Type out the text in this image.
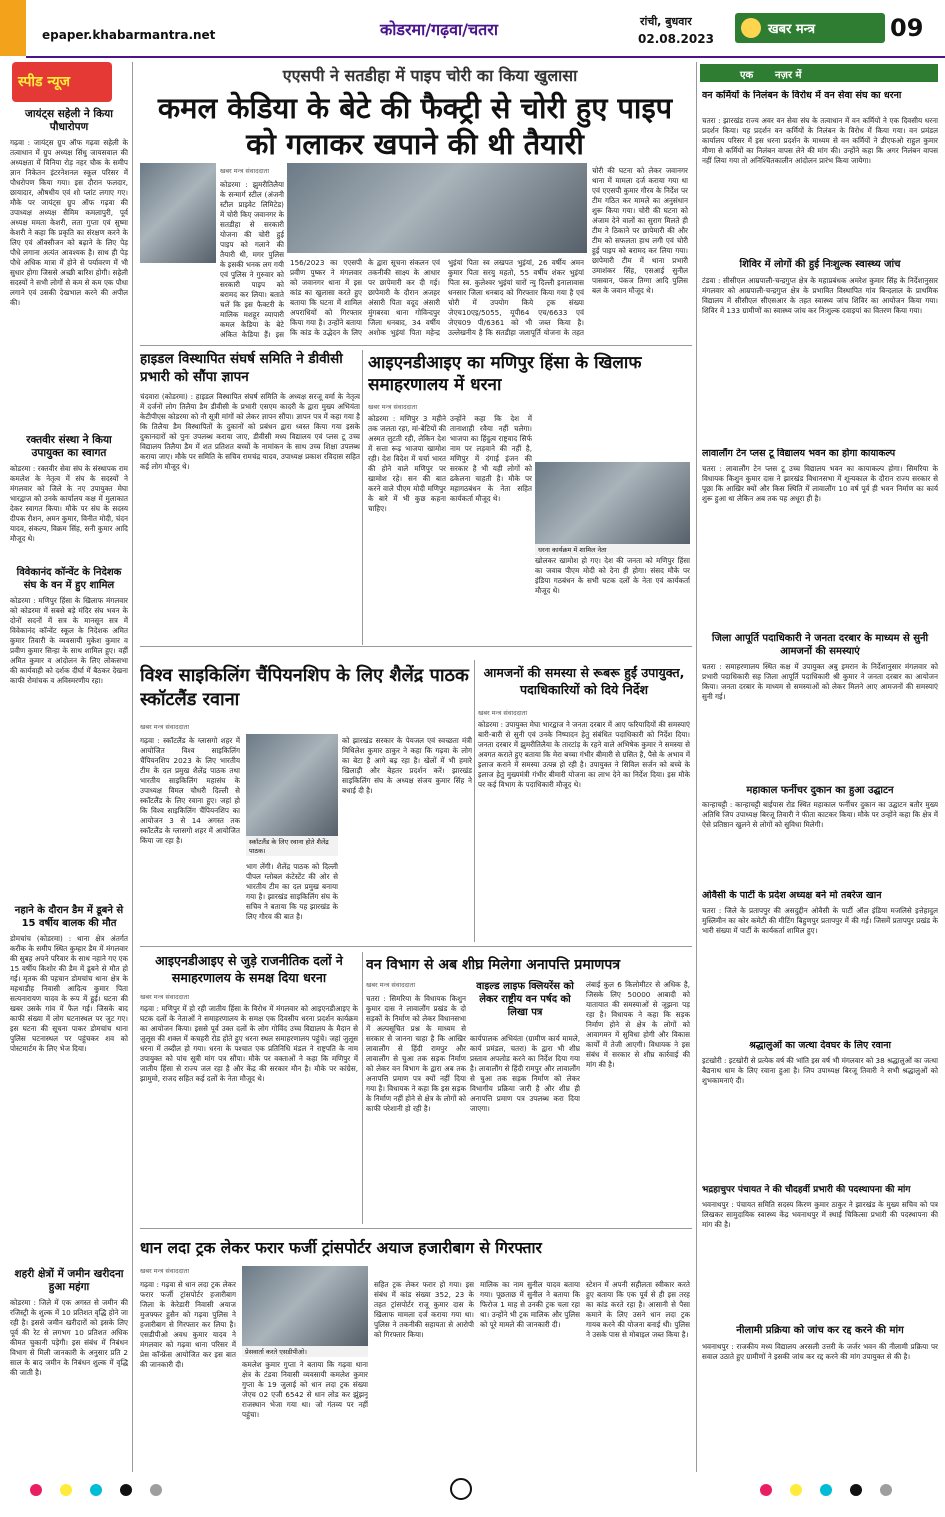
epaper.khabarmantra.net	कोडरमा/गढ़वा/चतरा	रांची, बुधवार
02.08.2023
खबर मन्त्र	09
स्पीड न्यूज
जायंट्स सहेली ने किया पौधारोपण
गढ़वा : जायंट्स ग्रुप ऑफ गढ़वा सहेली के तत्वाधान में ग्रुप अध्यक्ष सिंधु जायसवाल की अध्यक्षता में विनिया रोड़ नहर चौक के समीप ज्ञान निकेतन इंटरनेशनल स्कूल परिसर में पौधरोपण किया गया। इस दौरान फलदार, छायादार, औषधीय एवं शो प्लांट लगाए गए। मौके पर जायंट्स ग्रुप ऑफ गढ़वा की उपाध्यक्ष अध्यक्ष सैमिम कमलापुरी, पूर्व अध्यक्ष ममता केशरी, लता गुप्ता एवं सुष्मा केशरी ने कहा कि प्रकृति का संरक्षण करने के लिए एवं ऑक्सीजन को बढ़ाने के लिए पेड़ पौधे लगाना अत्यंत आवश्यक है। साथ ही पेड़ पौधे अधिक मात्रा में होने से पर्यावरण में भी सुधार होगा जिससे अच्छी बारिश होगी। सहेली सदस्यों ने सभी लोगों से कम से कम एक पौधा लगाने एवं उसकी देखभाल करने की अपील की।
रक्तवीर संस्था ने किया उपायुक्त का स्वागत
कोडरमा : रक्तवीर सेवा संघ के संस्थापक राम कमलेश के नेतृत्व में संघ के सदस्यों ने मंगलवार को जिले के नए उपायुक्त मेघा भारद्वाज को उनके कार्यालय कक्ष में मुलाकात देकर स्वागत किया। मौके पर संघ के सदस्य दीपक रौशन, अमन कुमार, विनीत मोदी, चंदन यादव, संकल्प, विक्रम सिंह, सनी कुमार आदि मौजूद थे।
विवेकानंद कॉन्वेंट के निदेशक संघ के वन में हुए शामिल
कोडरमा : मणिपुर हिंसा के खिलाफ मंगलवार को कोडरमा में सबसे बड़े मंदिर संघ भवन के दोनों सदनों में सत्र के मानसून सत्र में विवेकानंद कॉन्वेंट स्कूल के निदेशक अमित कुमार तिवारी के व्यवसायी मुकेश कुमार व प्रवीण कुमार सिन्हा के साथ शामिल हुए। वहीं अमित कुमार व आंदोलन के लिए लोकसभा की कार्यवाही को दर्शक दीर्घा में बैठकर देखना काफी रोमांचक व अविस्मरणीय रहा।
नहाने के दौरान डैम में डूबने से 15 वर्षीय बालक की मौत
डोमचांच (कोडरमा) : थाना क्षेत्र अंतर्गत करौंक के समीप स्थित कुम्हार डैम में मंगलवार की सुबह अपने परिवार के साथ नहाने गए एक 15 वर्षीय किशोर की डैम में डूबने से मौत हो गई। मृतक की पहचान डोमचांच थाना क्षेत्र के महथाडीह निवासी आदित्य कुमार पिता सत्यनारायण यादव के रूप में हुई। घटना की खबर उसके गांव में फैल गई। जिसके बाद काफी संख्या में लोग घटनास्थल पर जुट गए। इस घटना की सूचना पाकर डोमचांच थाना पुलिस घटनास्थल पर पहुंचकर शव को पोस्टमार्टम के लिए भेज दिया।
शहरी क्षेत्रों में जमीन खरीदना हुआ महंगा
कोडरमा : जिले में एक अगस्त से जमीन की रजिस्ट्री के शुल्क में 10 प्रतिशत वृद्धि होने जा रही है। इससे जमीन खरीदारों को इसके लिए पूर्व की रेट से लगभग 10 प्रतिशत अधिक कीमत चुकानी पड़ेगी। इस संबंध में निबंधन विभाग से मिली जानकारी के अनुसार प्रति 2 साल के बाद जमीन के निबंधन शुल्क में वृद्धि की जाती है।
एएसपी ने सतडीहा में पाइप चोरी का किया खुलासा
कमल केडिया के बेटे की फैक्ट्री से चोरी हुए पाइप को गलाकर खपाने की थी तैयारी
खबर मन्त्र संवाददाता
कोडरमा : झुमरीतिलैया के सन्मार्ग स्टील (अंजनी स्टील प्राइवेट लिमिटेड) में चोरी किए जवानगर के सतडीहा से सरकारी योजना की चोरी हुई पाइप को गलाने की तैयारी थी, मगर पुलिस के इसकी भनक लग गयी एवं पुलिस ने गुरुवार को सरकारी पाइप को बरामद कर लिया। बताते चलें कि इस फैक्टरी के मालिक मशहूर व्यापारी कमल केडिया के बेटे अंकित केडिया हैं। इस
156/2023 का एएसपी प्रवीण पुष्कर ने मंगलवार को जवानगर थाना में इस कांड का खुलासा करते हुए बताया कि घटना में शामिल अपराधियों को गिरफ्तार किया गया है। उन्होंने बताया कि कांड के उद्भेदन के लिए
के द्वारा सूचना संकलन एवं तकनीकी साक्ष्य के आधार पर छापेमारी कर दी गई। छापेमारी के दौरान अजहर अंसारी पिता वदूद अंसारी मुंगबरवा थाना गोविन्दपुर जिला धनबाद, 34 वर्षीय अशोक भुइंयां पिता महेन्द्र
भुइंयां पिता स्व लखपत भुइंयां, 26 वर्षीय अमन कुमार पिता सरयु महतो, 55 वर्षीय शंकर भुइंयां पिता स्व. कुलेश्वर भुइंयां चारों न्यु दिल्ली इनालावास धनसार जिला धनबाद को गिरफ्तार किया गया है एवं चोरी में उपयोग किये ट्रक संख्या जेएच10एइ/5055, यूपी64 एच/6633 एवं जेएच09 पी/6361 को भी जब्त किया है। उल्लेखनीय है कि सतडीहा जलापूर्ति योजना के तहत
चोरी की घटना को लेकर जवानगर थाना में मामला दर्ज कराया गया था एवं एएसपी कुमार गौरव के निर्देश पर टीम गठित कर मामले का अनुसंधान शुरू किया गया। चोरी की घटना को अंजाम देने वालों का सुराग मिलते ही टीम ने ठिकाने पर छापेमारी की और टीम को सफलता हाथ लगी एवं चोरी हुई पाइप को बरामद कर लिया गया। छापेमारी टीम में थाना प्रभारी उमाशंकर सिंह, एसआई सुनील पासवान, पंकज तिग्गा आदि पुलिस बल के जवान मौजूद थे।
हाइडल विस्थापित संघर्ष समिति ने डीवीसी प्रभारी को सौंपा ज्ञापन
चंदवारा (कोडरमा) : हाइडल विस्थापित संघर्ष समिति के अध्यक्ष सरजू वर्मा के नेतृत्व में दर्जनों लोग तिलैया डैम डीवीसी के प्रभारी एसएम कादरी के द्वारा मुख्य अभियंता केटीपीएस कोडरमा को नौ सूत्री मांगों को लेकर ज्ञापन सौंपा। ज्ञापन पत्र में कहा गया है कि तिलैया डैम विस्थापितों के दुकानों को प्रबंधन द्वारा ध्वस्त किया गया इसके दुकानदारों को पुनः उपलब्ध कराया जाए, डीवीसी मध्य विद्यालय एवं प्लस टू उच्च विद्यालय तिलैया डैम में शत प्रतिशत बच्चों के नामांकन के साथ उच्च शिक्षा उपलब्ध कराया जाए। मौके पर समिति के सचिव रामचंद्र यादव, उपाध्यक्ष प्रकाश रविदास सहित कई लोग मौजूद थे।
आइएनडीआइए का मणिपुर हिंसा के खिलाफ समाहरणालय में धरना
खबर मन्त्र संवाददाता
कोडरमा : मणिपुर 3 महीने तक जलता रहा, मां-बेटियों की अस्मत लुटती रही, लेकिन देश में सत्ता रूढ़ भाजपा खामोश रही। देश विदेश में चर्चा भारत की होने वाले मणिपुर पर खामोश रहे। सन की बात करने वाले पीएम मोदी मणिपुर के बारे में भी कुछ कहना चाहिए।
उन्होंने कहा कि देश में तानाशाही रवैया नहीं चलेगा। भाजपा का हिंदुत्व राष्ट्रवाद सिर्फ नाम पर लड़वाने की नहीं है, मणिपुर में दंगाई इंजन की सरकार है भी यही लोगों को ढकेलना चाहती है। मौके पर महागठबंधन के नेता सहित कार्यकर्ता मौजूद थे।
धरना कार्यक्रम में शामिल नेता
खोलकर खामोश हो गए। देश की जनता को मणिपुर हिंसा का जवाब पीएम मोदी को देना ही होगा। संसद मौके पर इंडिया गठबंधन के सभी घटक दलों के नेता एवं कार्यकर्ता मौजूद थे।
विश्व साइकिलिंग चैंपियनशिप के लिए शैलेंद्र पाठक स्कॉटलैंड रवाना
खबर मन्त्र संवाददाता
गढ़वा : स्कॉटलैंड के ग्लासगो शहर में आयोजित विश्व साइकिलिंग चैंपियनशिप 2023 के लिए भारतीय टीम के दल प्रमुख शैलेंद्र पाठक तथा भारतीय साइकिलिंग महासंघ के उपाध्यक्ष विमल चौधरी दिल्ली से स्कॉटलैंड के लिए रवाना हुए। जहां हो कि विश्व साइकिलिंग चैंपियनशिप का आयोजन 3 से 14 अगस्त तक स्कॉटलैंड के ग्लासगो शहर में आयोजित किया जा रहा है।	स्कॉटलैंड के लिए रवाना होते शैलेंद्र पाठक।
भाग लेंगी। शैलेंद्र पाठक को दिल्ली पीपल ग्लोबल कंटेस्टेंट की ओर से भारतीय टीम का दल प्रमुख बनाया गया है। झारखंड साइकिलिंग संघ के सचिव ने बताया कि यह झारखंड के लिए गौरव की बात है।
को झारखंड सरकार के पेयजल एवं स्वच्छता मंत्री मिथिलेश कुमार ठाकुर ने कहा कि गढ़वा के लोग का बेटा है आगे बढ़ रहा है। खेलों में भी हमारे खिलाड़ी और बेहतर प्रदर्शन करें। झारखंड साइकिलिंग संघ के अध्यक्ष संजय कुमार सिंह ने बधाई दी है।
आमजनों की समस्या से रूबरू हुईं उपायुक्त, पदाधिकारियों को दिये निर्देश
खबर मन्त्र संवाददाता
कोडरमा : उपायुक्त मेघा भारद्वाज ने जनता दरबार में आए फरियादियों की समस्याएं बारी-बारी से सुनी एवं उनके निष्पादन हेतु संबंधित पदाधिकारी को निर्देश दिया। जनता दरबार में झुमरीतिलैया के तारटांड़ के रहने वाले अभिषेक कुमार ने समस्या से अवगत कराते हुए बताया कि मेरा बच्चा गंभीर बीमारी से ग्रसित है, पैसे के अभाव में इलाज कराने में समस्या उत्पन्न हो रही है। उपायुक्त ने सिविल सर्जन को बच्चे के इलाज हेतु मुख्यमंत्री गंभीर बीमारी योजना का लाभ देने का निर्देश दिया। इस मौके पर कई विभाग के पदाधिकारी मौजूद थे।
आइएनडीआइए से जुड़े राजनीतिक दलों ने समाहरणालय के समक्ष दिया धरना
खबर मन्त्र संवाददाता
गढ़वा : मणिपुर में हो रही जातीय हिंसा के विरोध में मंगलवार को आइएनडीआइए के घटक दलों के नेताओं ने समाहरणालय के समक्ष एक दिवसीय धरना प्रदर्शन कार्यक्रम का आयोजन किया। इससे पूर्व उक्त दलों के लोग गोविंद उच्च विद्यालय के मैदान से जुलूस की शक्ल में कचहरी रोड होते हुए धरना स्थल समाहरणालय पहुंचे। जहां जुलूस धरना में तब्दील हो गया। धरना के पश्चात एक प्रतिनिधि मंडल ने राष्ट्रपति के नाम उपायुक्त को पांच सूत्री मांग पत्र सौंपा। मौके पर वक्ताओं ने कहा कि मणिपुर में जातीय हिंसा से राज्य जल रहा है और केंद्र की सरकार मौन है। मौके पर कांग्रेस, झामुमो, राजद सहित कई दलों के नेता मौजूद थे।
वन विभाग से अब शीघ्र मिलेगा अनापत्ति प्रमाणपत्र
खबर मन्त्र संवाददाता
चतरा : सिमरिया के विधायक किशुन कुमार दास ने लावालौंग प्रखंड के दो सड़कों के निर्माण को लेकर विधानसभा में अल्पसूचित प्रश्न के माध्यम से सरकार से जानना चाहा है कि आखिर लावालौंग से हिंदी रामपुर और लावालौंग से चुआ तक सड़क निर्माण को लेकर वन विभाग के द्वारा अब तक अनापत्ति प्रमाण पत्र क्यों नहीं दिया गया है। विधायक ने कहा कि इस सड़क के निर्माण नहीं होने से क्षेत्र के लोगों को काफी परेशानी हो रही है।
वाइल्ड लाइफ क्लियरेंस को लेकर राष्ट्रीय वन पर्षद को लिखा पत्र
कार्यपालक अभियंता (ग्रामीण कार्य मामले, कार्य प्रमंडल, चतरा) के द्वारा भी शीघ्र प्रस्ताव अपलोड करने का निर्देश दिया गया है। लावालौंग से हिंदी रामपुर और लावालौंग से चुआ तक सड़क निर्माण को लेकर विभागीय प्रक्रिया जारी है और शीघ्र ही अनापत्ति प्रमाण पत्र उपलब्ध करा दिया जाएगा।
लंबाई कुल 6 किलोमीटर से अधिक है, जिसके लिए 50000 आबादी को यातायात की समस्याओं से जूझना पड़ रहा है। विधायक ने कहा कि सड़क निर्माण होने से क्षेत्र के लोगों को आवागमन में सुविधा होगी और विकास कार्यों में तेजी आएगी। विधायक ने इस संबंध में सरकार से शीघ्र कार्रवाई की मांग की है।
धान लदा ट्रक लेकर फरार फर्जी ट्रांसपोर्टर अयाज हजारीबाग से गिरफ्तार
खबर मन्त्र संवाददाता
गढ़वा : गढ़वा से धान लदा ट्रक लेकर फरार फर्जी ट्रांसपोर्टर हजारीबाग जिला के केरेडारी निवासी अयाज मुजफ्फर हुसैन को गढ़वा पुलिस ने हजारीबाग से गिरफ्तार कर लिया है। एसडीपीओ अवध कुमार यादव ने मंगलवार को गढ़वा थाना परिसर में प्रेस कॉन्फ्रेंस आयोजित कर इस बात की जानकारी दी।
प्रेसवार्ता करते एसडीपीओ।
कमलेश कुमार गुप्ता ने बताया कि गढ़वा थाना क्षेत्र के टंडवा निवासी व्यवसायी कमलेश कुमार गुप्ता के 19 जुलाई को धान लदा ट्रक संख्या जेएच 02 एजी 6542 से धान लोड कर झुंझनू राजस्थान भेजा गया था। जो गंतव्य पर नहीं पहुंचा।
सहित ट्रक लेकर फरार हो गया। इस संबंध में कांड संख्या 352, 23 के तहत ट्रांसपोर्टर राजू कुमार दास के खिलाफ मामला दर्ज कराया गया था। पुलिस ने तकनीकी सहायता से आरोपी को गिरफ्तार किया।
मालिक का नाम सुनील यादव बताया गया। पूछताछ में सुनील ने बताया कि फिरोज 1 माह से उनकी ट्रक चला रहा था। उन्होंने भी ट्रक मालिक और पुलिस को पूरे मामले की जानकारी दी।
स्टेशन में अपनी सहीलता स्वीकार करते हुए बताया कि एक पूर्व से ही इस तरह का कांड करते रहा है। आसानी से पैसा कमाने के लिए उसने धान लदा ट्रक गायब करने की योजना बनाई थी। पुलिस ने उसके पास से मोबाइल जब्त किया है।
एक नज़र में
वन कर्मियों के निलंबन के विरोध में वन सेवा संघ का धरना
चतरा : झारखंड राज्य अवर वन सेवा संघ के तत्वाधान में वन कर्मियों ने एक दिवसीय धरना प्रदर्शन किया। यह प्रदर्शन वन कर्मियों के निलंबन के विरोध में किया गया। वन प्रमंडल कार्यालय परिसर में इस धरना प्रदर्शन के माध्यम से वन कर्मियों ने डीएफओ राहुल कुमार मीणा से कर्मियों का निलंबन वापस लेने की मांग की। उन्होंने कहा कि अगर निलंबन वापस नहीं लिया गया तो अनिश्चितकालीन आंदोलन प्रारंभ किया जायेगा।
शिविर में लोगों की हुई निःशुल्क स्वास्थ्य जांच
टंडवा : सीसीएल आम्रपाली-चन्द्रगुप्त क्षेत्र के महाप्रबंधक अमरेश कुमार सिंह के निर्देशानुसार मंगलवार को आम्रपाली-चन्द्रगुप्त क्षेत्र के प्रभावित विस्थापित गांव बिन्दलाल के प्राथमिक विद्यालय में सीसीएल सीएसआर के तहत स्वास्थ्य जांच शिविर का आयोजन किया गया। शिविर में 133 ग्रामीणों का स्वास्थ्य जांच कर निःशुल्क दवाइयां का वितरण किया गया।
लावालौंग टेन प्लस टू विद्यालय भवन का होगा कायाकल्प
चतरा : लावालौंग टेन प्लस टू उच्च विद्यालय भवन का कायाकल्प होगा। सिमरिया के विधायक किशुन कुमार दास ने झारखंड विधानसभा में शून्यकाल के दौरान राज्य सरकार से पूछा कि आखिर क्यों और किस स्थिति में लावालौंग 10 वर्ष पूर्व ही भवन निर्माण का कार्य शुरू हुआ था लेकिन अब तक यह अधूरा ही है।
जिला आपूर्ति पदाधिकारी ने जनता दरबार के माध्यम से सुनी आमजनों की समस्याएं
चतरा : समाहरणालय स्थित कक्ष में उपायुक्त अबु इमरान के निर्देशानुसार मंगलवार को प्रभारी पदाधिकारी सह जिला आपूर्ति पदाधिकारी श्री कुमार ने जनता दरबार का आयोजन किया। जनता दरबार के माध्यम से समस्याओं को लेकर मिलने आए आमजनों की समस्याएं सुनी गई।
महाकाल फर्नीचर दुकान का हुआ उद्घाटन
कान्हाचट्टी : कान्हाचट्टी बाईपास रोड स्थित महाकाल फर्नीचर दुकान का उद्घाटन बतौर मुख्य अतिथि जिप उपाध्यक्ष बिरजू तिवारी ने फीता काटकर किया। मौके पर उन्होंने कहा कि क्षेत्र में ऐसे प्रतिष्ठान खुलने से लोगों को सुविधा मिलेगी।
ओवैसी के पार्टी के प्रदेश अध्यक्ष बने मो तबरेज खान
चतरा : जिले के प्रतापपुर की असदुद्दीन ओवैसी के पार्टी ऑल इंडिया मजलिसे इत्तेहादुल मुस्लिमीन का कोर कमेटी की मीटिंग बिहुणपुर प्रतापपुर में की गई। जिसमें प्रतापपुर प्रखंड के भारी संख्या में पार्टी के कार्यकर्ता शामिल हुए।
श्रद्धालुओं का जत्था देवघर के लिए रवाना
इटखोरी : इटखोरी से प्रत्येक वर्ष की भांति इस वर्ष भी मंगलवार को 38 श्रद्धालुओं का जत्था बैद्यनाथ धाम के लिए रवाना हुआ है। जिप उपाध्यक्ष बिरजू तिवारी ने सभी श्रद्धालुओं को शुभकामनाएं दी।
भद्रहाचुपर पंचायत ने की चौदहवीं प्रभारी की पदस्थापना की मांग
भवनाथपुर : पंचायत समिति सदस्य किरण कुमार ठाकुर ने झारखंड के मुख्य सचिव को पत्र लिखकर सामुदायिक स्वास्थ्य केंद्र भवनाथपुर में स्थाई चिकित्सा प्रभारी की पदस्थापना की मांग की है।
नीलामी प्रक्रिया को जांच कर रद्द करने की मांग
भवनाथपुर : राजकीय मध्य विद्यालय अरसली उत्तरी के जर्जर भवन की नीलामी प्रक्रिया पर सवाल उठाते हुए ग्रामीणों ने इसकी जांच कर रद्द करने की मांग उपायुक्त से की है।
